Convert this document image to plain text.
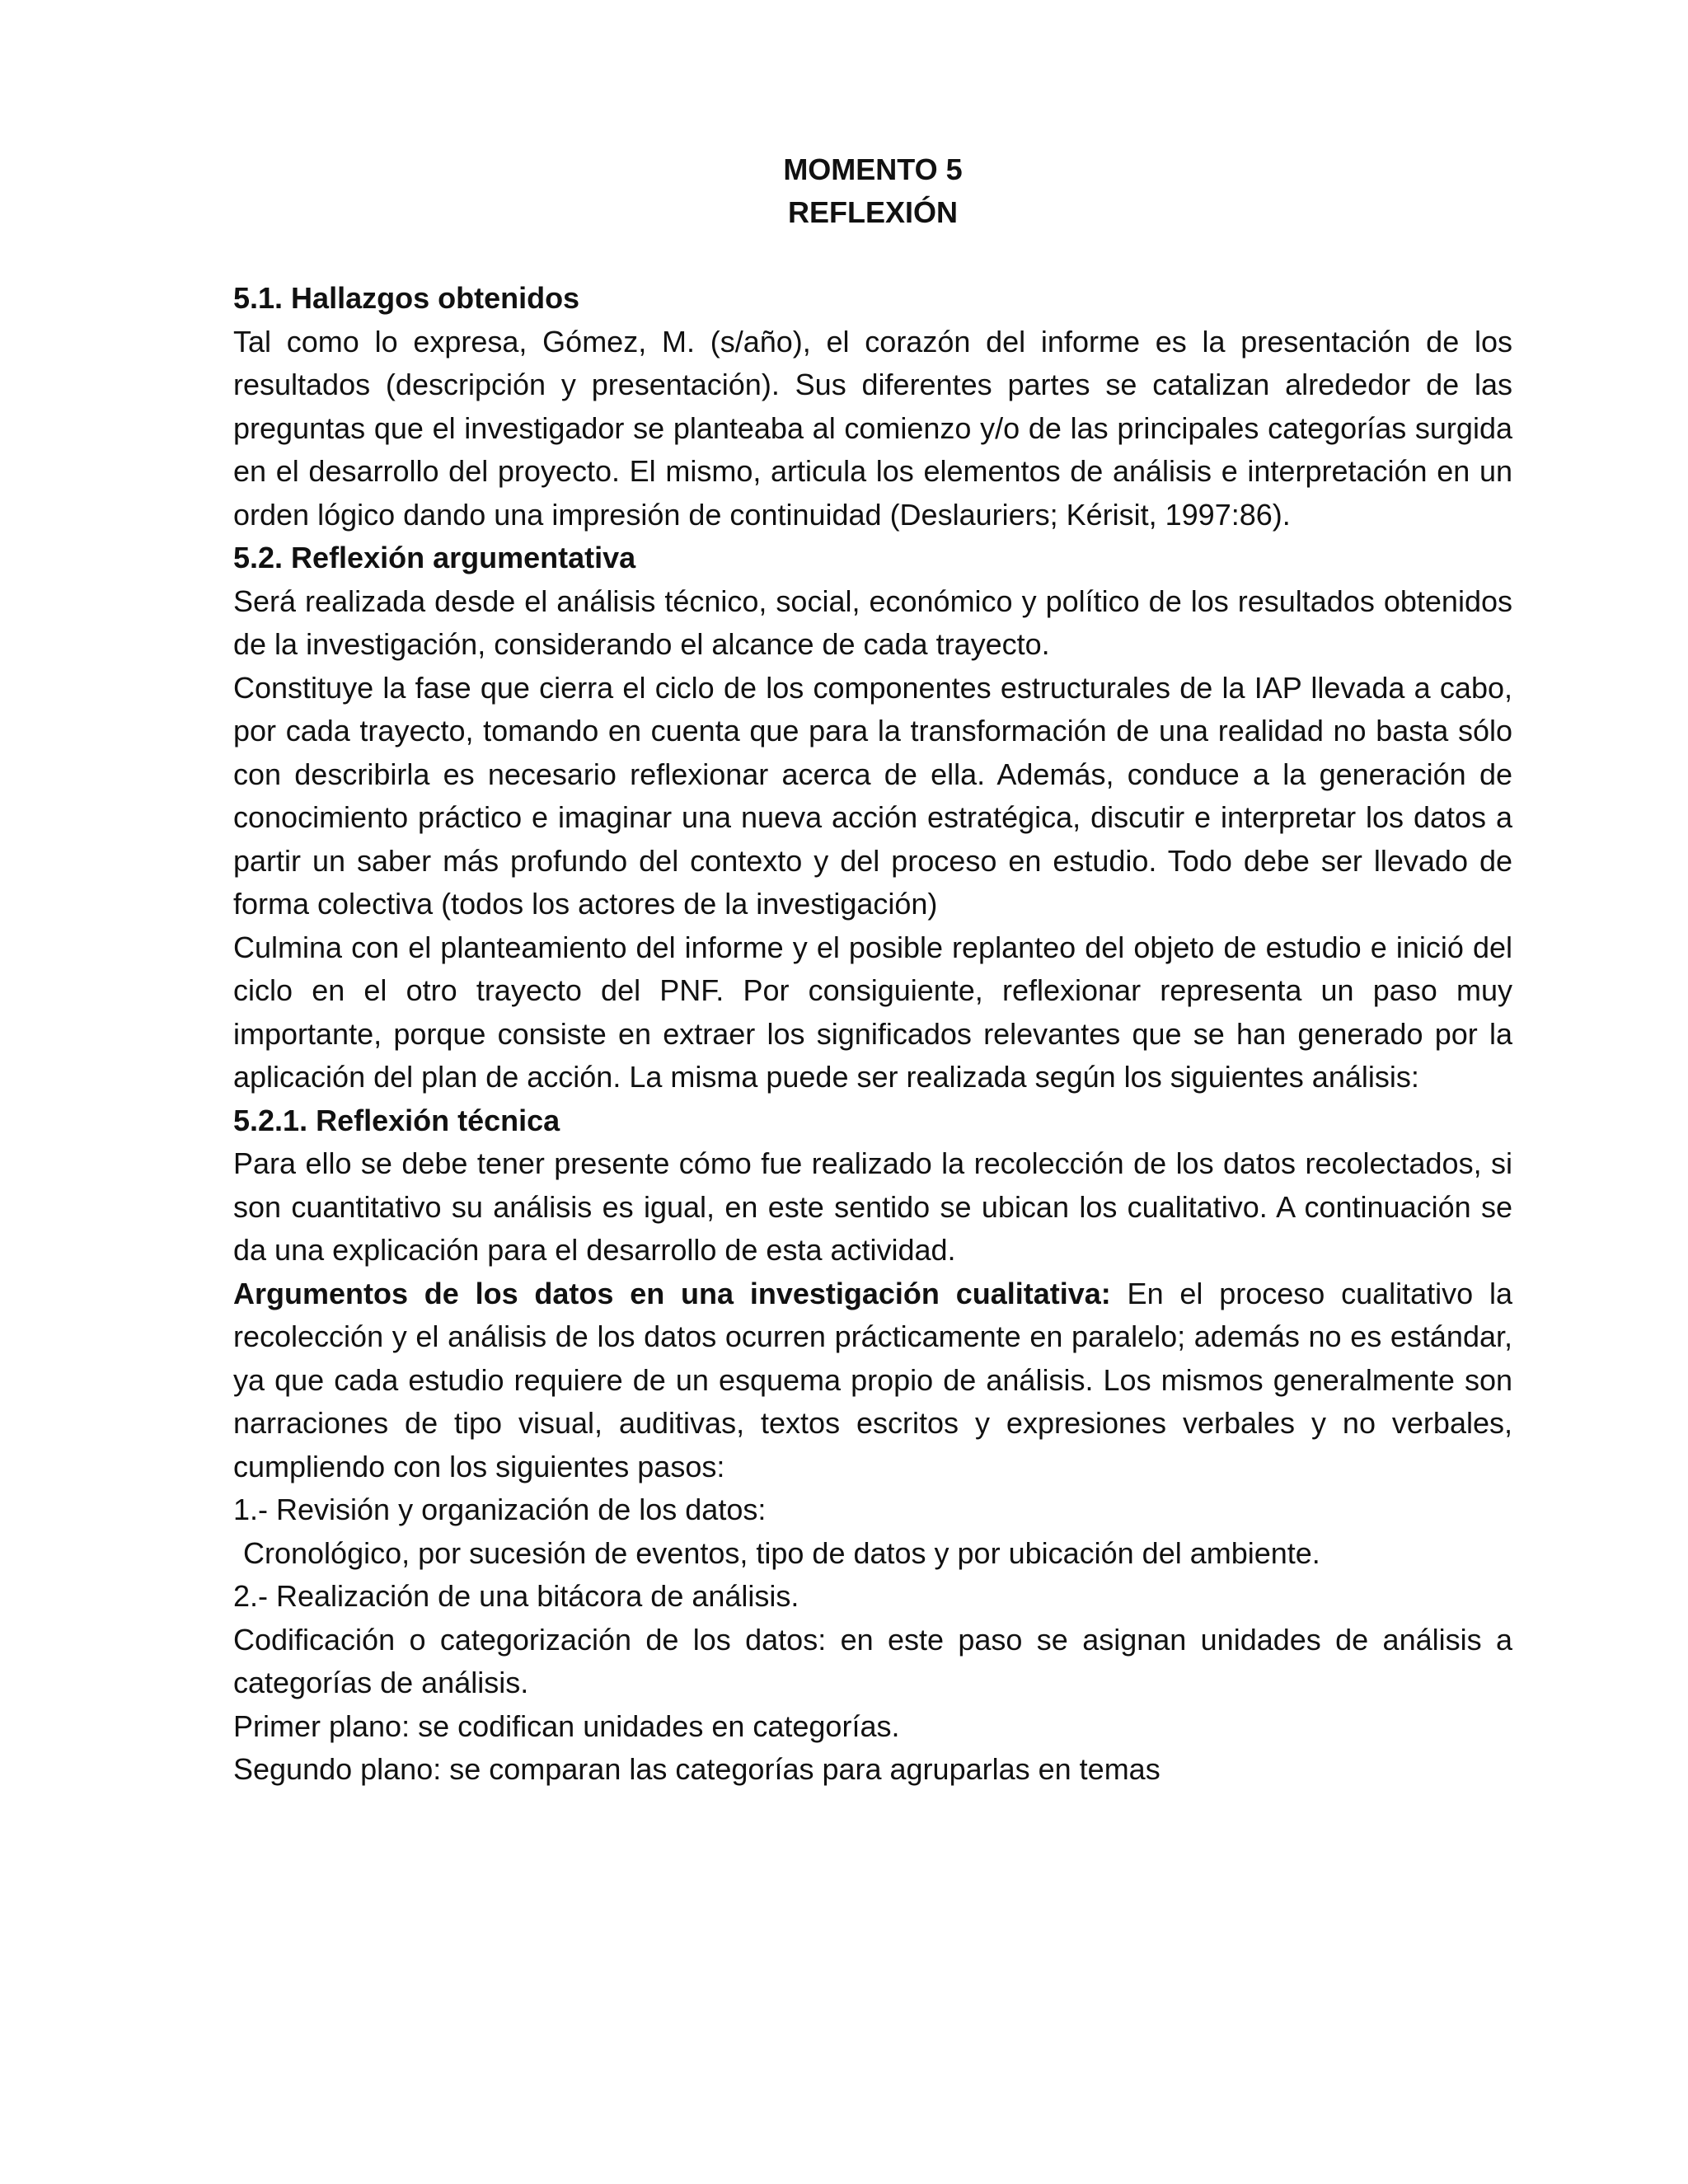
MOMENTO 5

REFLEXIÓN

5.1. Hallazgos obtenidos

Tal como lo expresa, Gómez, M. (s/año), el corazón del informe es la presentación de los resultados (descripción y presentación). Sus diferentes partes se catalizan alrededor de las preguntas que el investigador se planteaba al comienzo y/o de las principales categorías surgida en el desarrollo del proyecto. El mismo, articula los elementos de análisis e interpretación en un orden lógico dando una impresión de continuidad (Deslauriers; Kérisit, 1997:86).

5.2. Reflexión argumentativa

Será realizada desde el análisis técnico, social, económico y político de los resultados obtenidos de la investigación, considerando el alcance de cada trayecto.

Constituye la fase que cierra el ciclo de los componentes estructurales de la IAP llevada a cabo, por cada trayecto, tomando en cuenta que para la transformación de una realidad no basta sólo con describirla es necesario reflexionar acerca de ella. Además, conduce a la generación de conocimiento práctico e imaginar una nueva acción estratégica, discutir e interpretar los datos a partir un saber más profundo del contexto y del proceso en estudio. Todo debe ser llevado de forma colectiva (todos los actores de la investigación)

Culmina con el planteamiento del informe y el posible replanteo del objeto de estudio e inició del ciclo en el otro trayecto del PNF. Por consiguiente, reflexionar representa un paso muy importante, porque consiste en extraer los significados relevantes que se han generado por la aplicación del plan de acción. La misma puede ser realizada según los siguientes análisis:

5.2.1. Reflexión técnica

Para ello se debe tener presente cómo fue realizado la recolección de los datos recolectados, si son cuantitativo su análisis es igual, en este sentido se ubican los cualitativo. A continuación se da una explicación para el desarrollo de esta actividad.

Argumentos de los datos en una investigación cualitativa: En el proceso cualitativo la recolección y el análisis de los datos ocurren prácticamente en paralelo; además no es estándar, ya que cada estudio requiere de un esquema propio de análisis. Los mismos generalmente son narraciones de tipo visual, auditivas, textos escritos y expresiones verbales y no verbales, cumpliendo con los siguientes pasos:

1.- Revisión y organización de los datos:

Cronológico, por sucesión de eventos, tipo de datos y por ubicación del ambiente.

2.- Realización de una bitácora de análisis.

Codificación o categorización de los datos: en este paso se asignan unidades de análisis a categorías de análisis.

Primer plano: se codifican unidades en categorías.

Segundo plano: se comparan las categorías para agruparlas en temas
